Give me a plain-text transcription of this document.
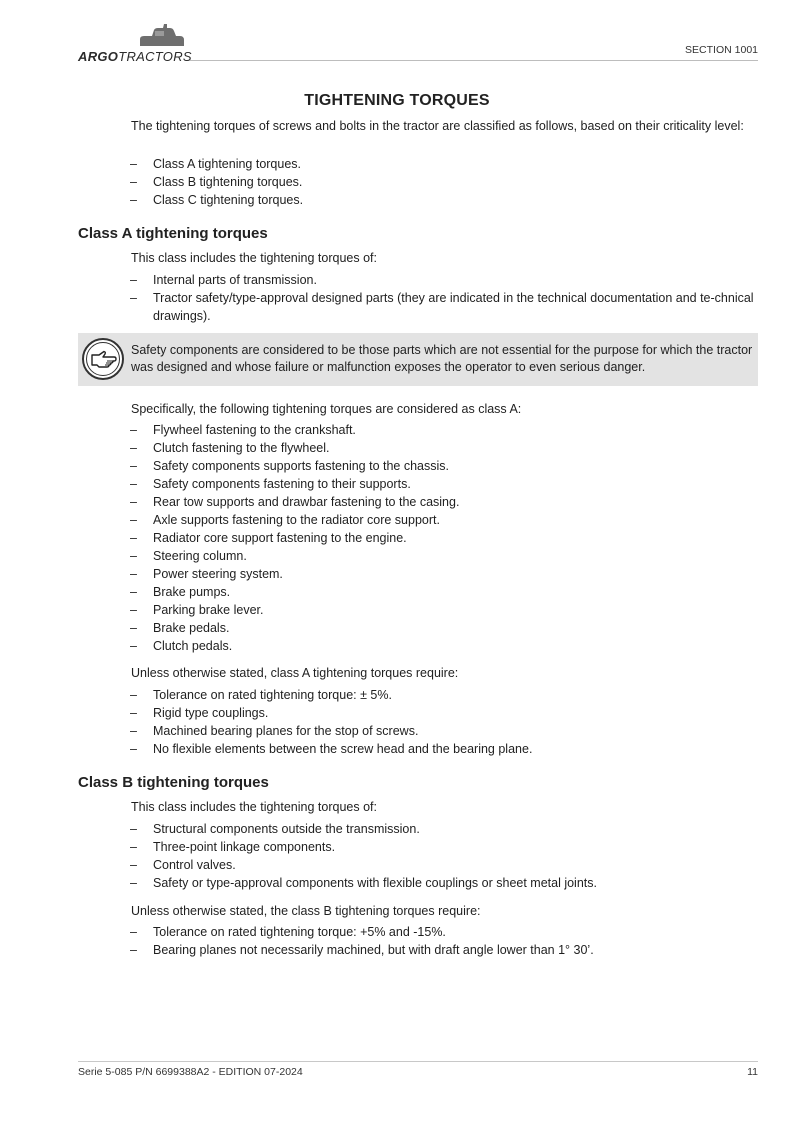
ARGOTRACTORS	SECTION 1001
TIGHTENING TORQUES
The tightening torques of screws and bolts in the tractor are classified as follows, based on their criticality level:
–	Class A tightening torques.
–	Class B tightening torques.
–	Class C tightening torques.
Class A tightening torques
This class includes the tightening torques of:
–	Internal parts of transmission.
–	Tractor safety/type-approval designed parts (they are indicated in the technical documentation and te-chnical drawings).
Safety components are considered to be those parts which are not essential for the purpose for which the tractor was designed and whose failure or malfunction exposes the operator to even serious danger.
Specifically, the following tightening torques are considered as class A:
–	Flywheel fastening to the crankshaft.
–	Clutch fastening to the flywheel.
–	Safety components supports fastening to the chassis.
–	Safety components fastening to their supports.
–	Rear tow supports and drawbar fastening to the casing.
–	Axle supports fastening to the radiator core support.
–	Radiator core support fastening to the engine.
–	Steering column.
–	Power steering system.
–	Brake pumps.
–	Parking brake lever.
–	Brake pedals.
–	Clutch pedals.
Unless otherwise stated, class A tightening torques require:
–	Tolerance on rated tightening torque: ± 5%.
–	Rigid type couplings.
–	Machined bearing planes for the stop of screws.
–	No flexible elements between the screw head and the bearing plane.
Class B tightening torques
This class includes the tightening torques of:
–	Structural components outside the transmission.
–	Three-point linkage components.
–	Control valves.
–	Safety or type-approval components with flexible couplings or sheet metal joints.
Unless otherwise stated, the class B tightening torques require:
–	Tolerance on rated tightening torque: +5% and -15%.
–	Bearing planes not necessarily machined, but with draft angle lower than 1° 30’.
Serie 5-085 P/N 6699388A2 - EDITION 07-2024	11
